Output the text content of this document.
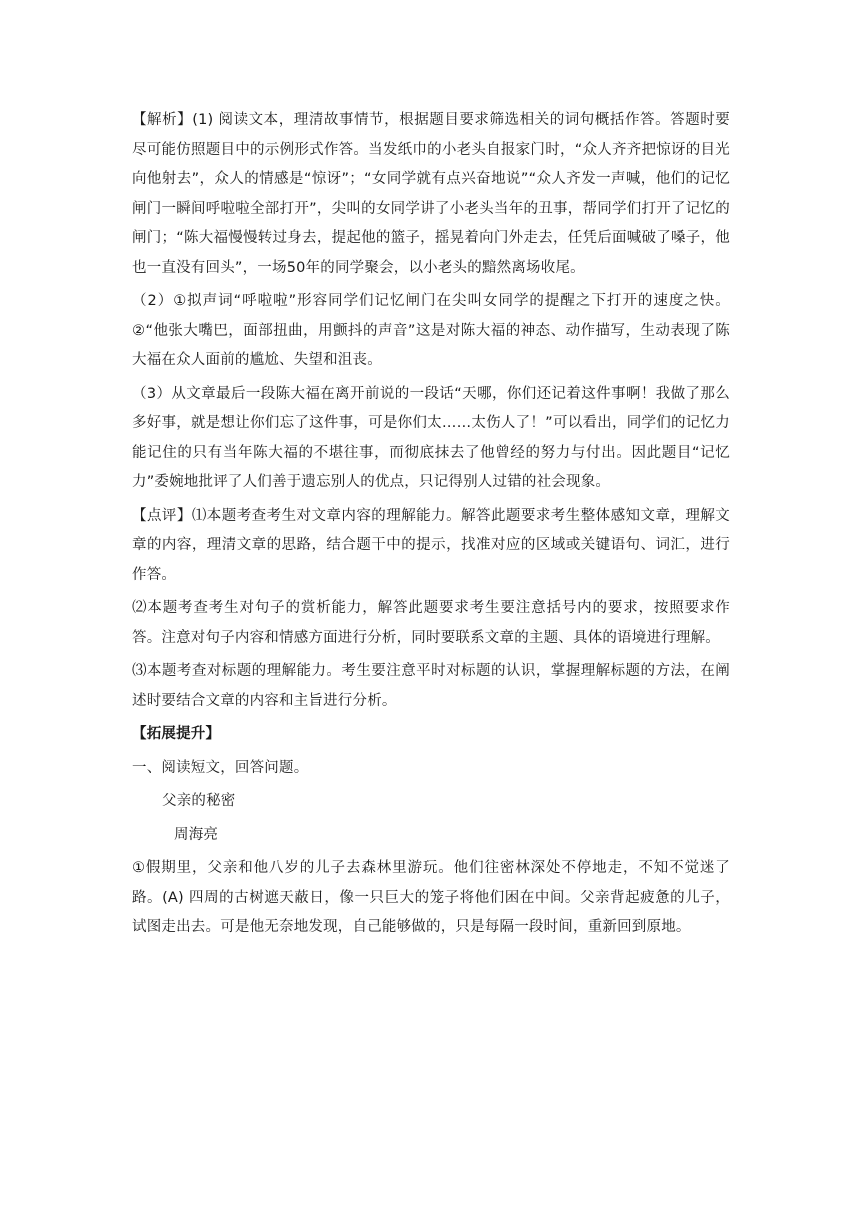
【解析】(1) 阅读文本，理清故事情节，根据题目要求筛选相关的词句概括作答。答题时要尽可能仿照题目中的示例形式作答。当发纸巾的小老头自报家门时，“众人齐齐把惊讶的目光向他射去”，众人的情感是“惊讶”；“女同学就有点兴奋地说”“众人齐发一声喊，他们的记忆闸门一瞬间呼啦啦全部打开”，尖叫的女同学讲了小老头当年的丑事，帮同学们打开了记忆的闸门；“陈大福慢慢转过身去，提起他的篮子，摇晃着向门外走去，任凭后面喊破了嗓子，他也一直没有回头”，一场50年的同学聚会，以小老头的黯然离场收尾。

（2）①拟声词“呼啦啦”形容同学们记忆闸门在尖叫女同学的提醒之下打开的速度之快。②“他张大嘴巴，面部扭曲，用颤抖的声音”这是对陈大福的神态、动作描写，生动表现了陈大福在众人面前的尴尬、失望和沮丧。

（3）从文章最后一段陈大福在离开前说的一段话“天哪，你们还记着这件事啊！我做了那么多好事，就是想让你们忘了这件事，可是你们太……太伤人了！”可以看出，同学们的记忆力能记住的只有当年陈大福的不堪往事，而彻底抹去了他曾经的努力与付出。因此题目“记忆力”委婉地批评了人们善于遗忘别人的优点，只记得别人过错的社会现象。

【点评】⑴本题考查考生对文章内容的理解能力。解答此题要求考生整体感知文章，理解文章的内容，理清文章的思路，结合题干中的提示，找准对应的区域或关键语句、词汇，进行作答。

⑵本题考查考生对句子的赏析能力，解答此题要求考生要注意括号内的要求，按照要求作答。注意对句子内容和情感方面进行分析，同时要联系文章的主题、具体的语境进行理解。

⑶本题考查对标题的理解能力。考生要注意平时对标题的认识，掌握理解标题的方法，在阐述时要结合文章的内容和主旨进行分析。

【拓展提升】

一、阅读短文，回答问题。

父亲的秘密

周海亮

①假期里，父亲和他八岁的儿子去森林里游玩。他们往密林深处不停地走，不知不觉迷了路。(A) 四周的古树遮天蔽日，像一只巨大的笼子将他们困在中间。父亲背起疲惫的儿子，试图走出去。可是他无奈地发现，自己能够做的，只是每隔一段时间，重新回到原地。
